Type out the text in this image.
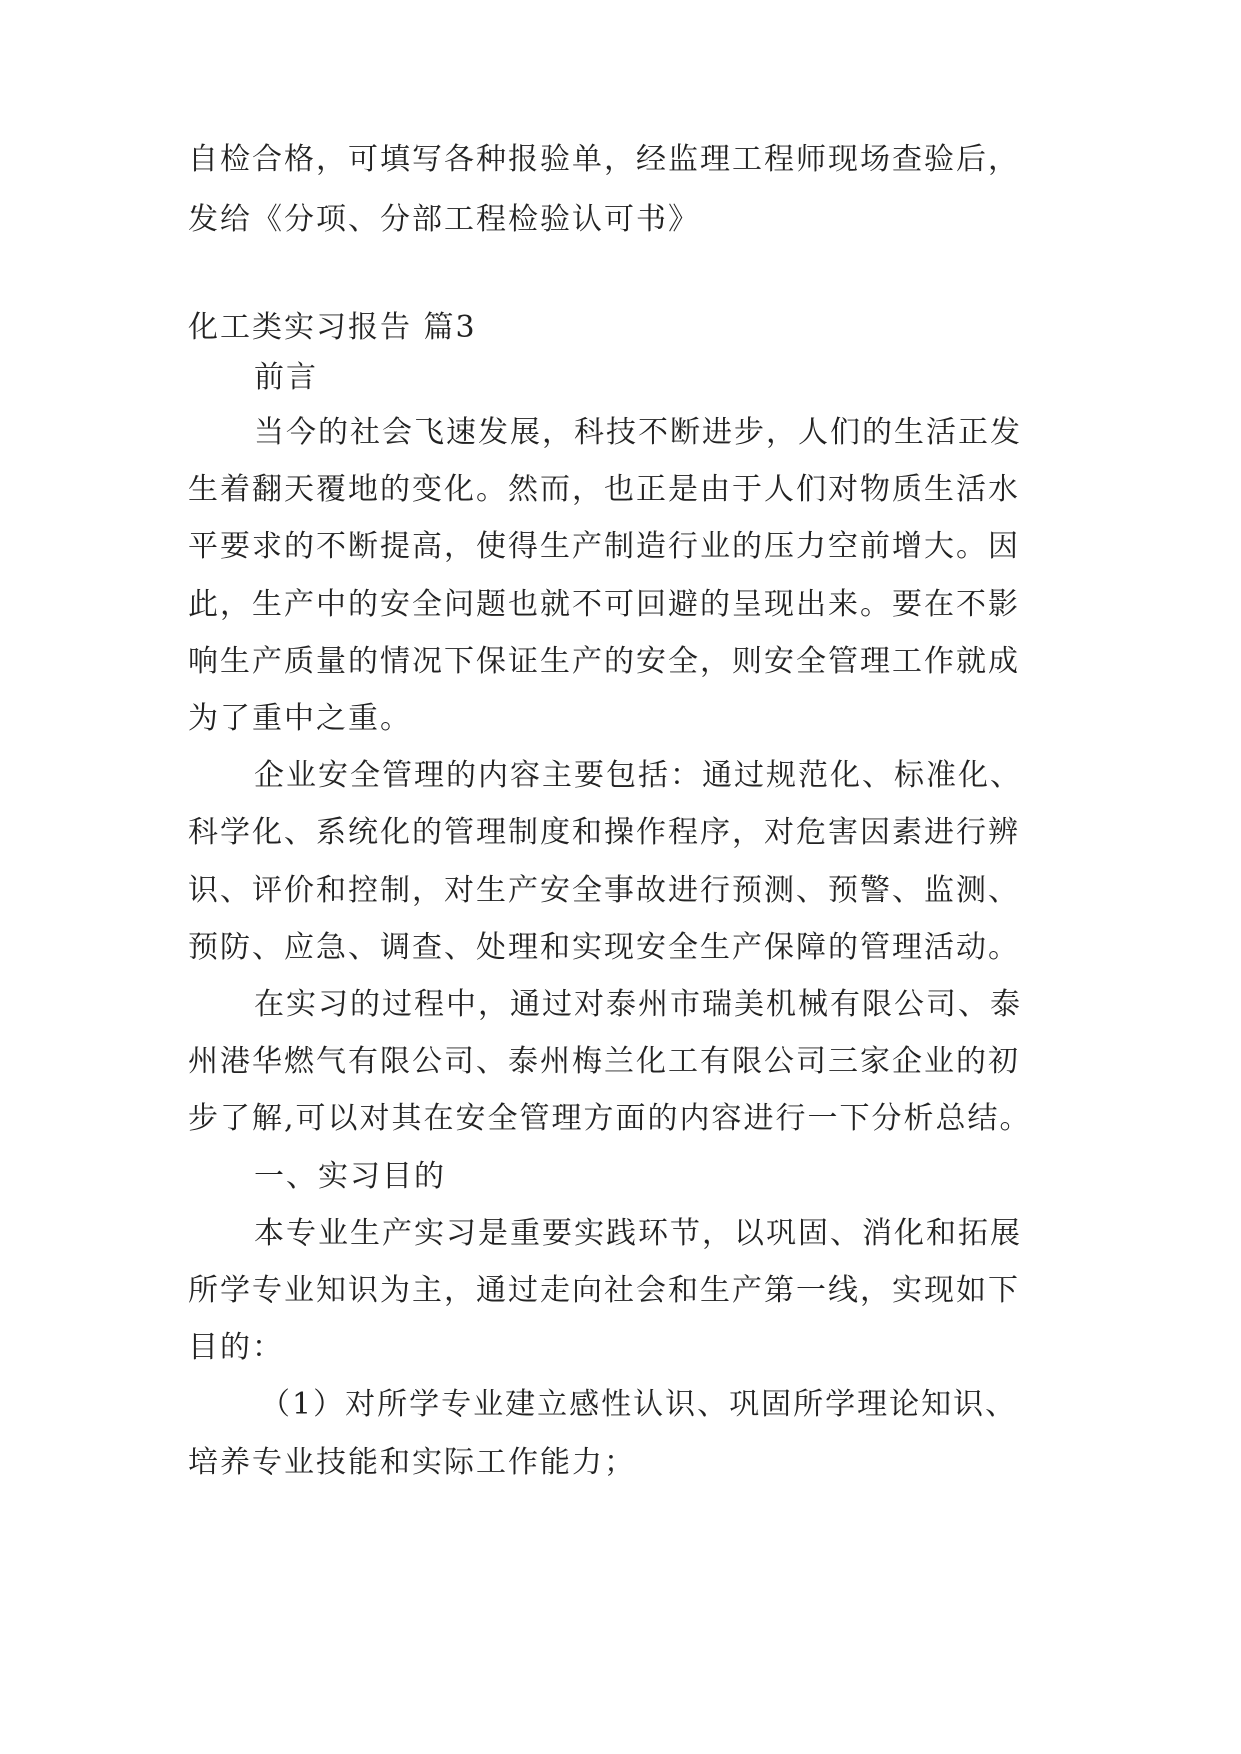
自检合格，可填写各种报验单，经监理工程师现场查验后，
发给《分项、分部工程检验认可书》
化工类实习报告 篇3
前言
当今的社会飞速发展，科技不断进步，人们的生活正发
生着翻天覆地的变化。然而，也正是由于人们对物质生活水
平要求的不断提高，使得生产制造行业的压力空前增大。因
此，生产中的安全问题也就不可回避的呈现出来。要在不影
响生产质量的情况下保证生产的安全，则安全管理工作就成
为了重中之重。
企业安全管理的内容主要包括：通过规范化、标准化、
科学化、系统化的管理制度和操作程序，对危害因素进行辨
识、评价和控制，对生产安全事故进行预测、预警、监测、
预防、应急、调查、处理和实现安全生产保障的管理活动。
在实习的过程中，通过对泰州市瑞美机械有限公司、泰
州港华燃气有限公司、泰州梅兰化工有限公司三家企业的初
步了解,可以对其在安全管理方面的内容进行一下分析总结。
一、实习目的
本专业生产实习是重要实践环节，以巩固、消化和拓展
所学专业知识为主，通过走向社会和生产第一线，实现如下
目的：
（1）对所学专业建立感性认识、巩固所学理论知识、
培养专业技能和实际工作能力；
